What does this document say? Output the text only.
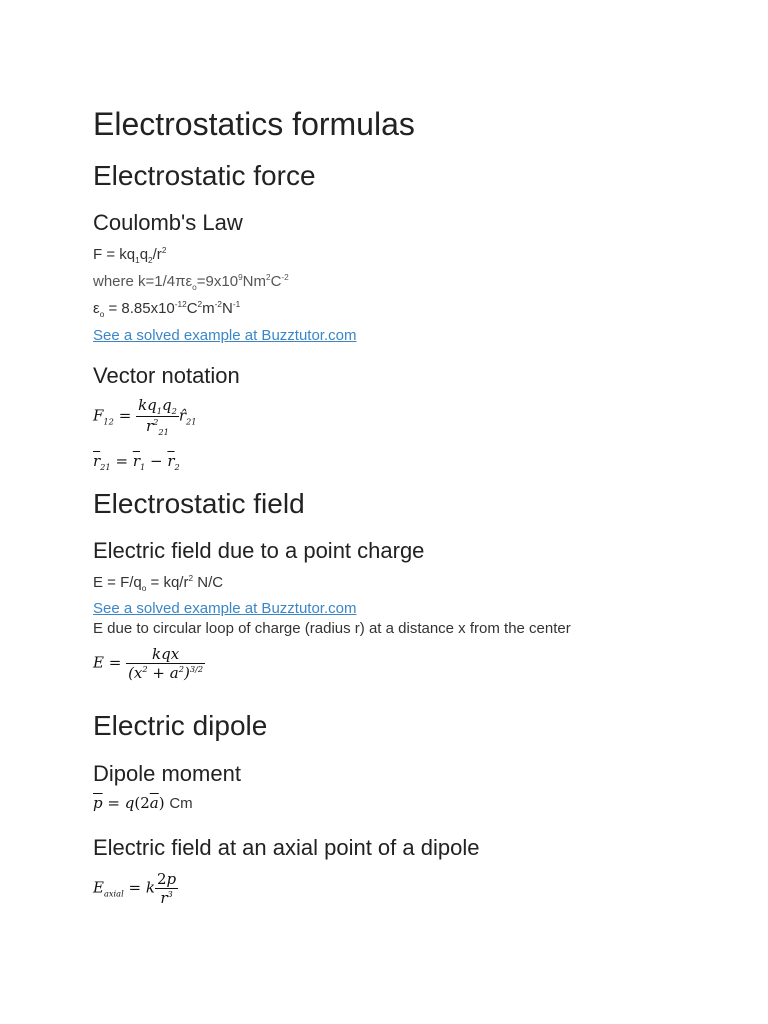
Electrostatics formulas
Electrostatic force
Coulomb's Law
$F = kq_1q_2/r^2$
where $k=1/4\pi\varepsilon_o=9x10^9Nm^2C^{-2}$
$\varepsilon_o = 8.85x10^{-12}C^2m^{-2}N^{-1}$
See a solved example at Buzztutor.com
Vector notation
$F_{12} = \frac{kq_1q_2}{r^2_{21}}$ $r̂_{21}$
$\overline{r}_{21} = \overline{r}_1 - \overline{r}_2$
Electrostatic field
Electric field due to a point charge
$E = F/q_o = kq/r^2$ N/C
See a solved example at Buzztutor.com
E due to circular loop of charge (radius r) at a distance x from the center
$E = \frac{\text{kqx}}{(x^2 + a^2)^{3/2}}$
Electric dipole
Dipole moment
$\overline{p} = q(2\overline{a})$ Cm
Electric field at an axial point of a dipole
$E_{axial} = k \frac{2p}{r^3}$
